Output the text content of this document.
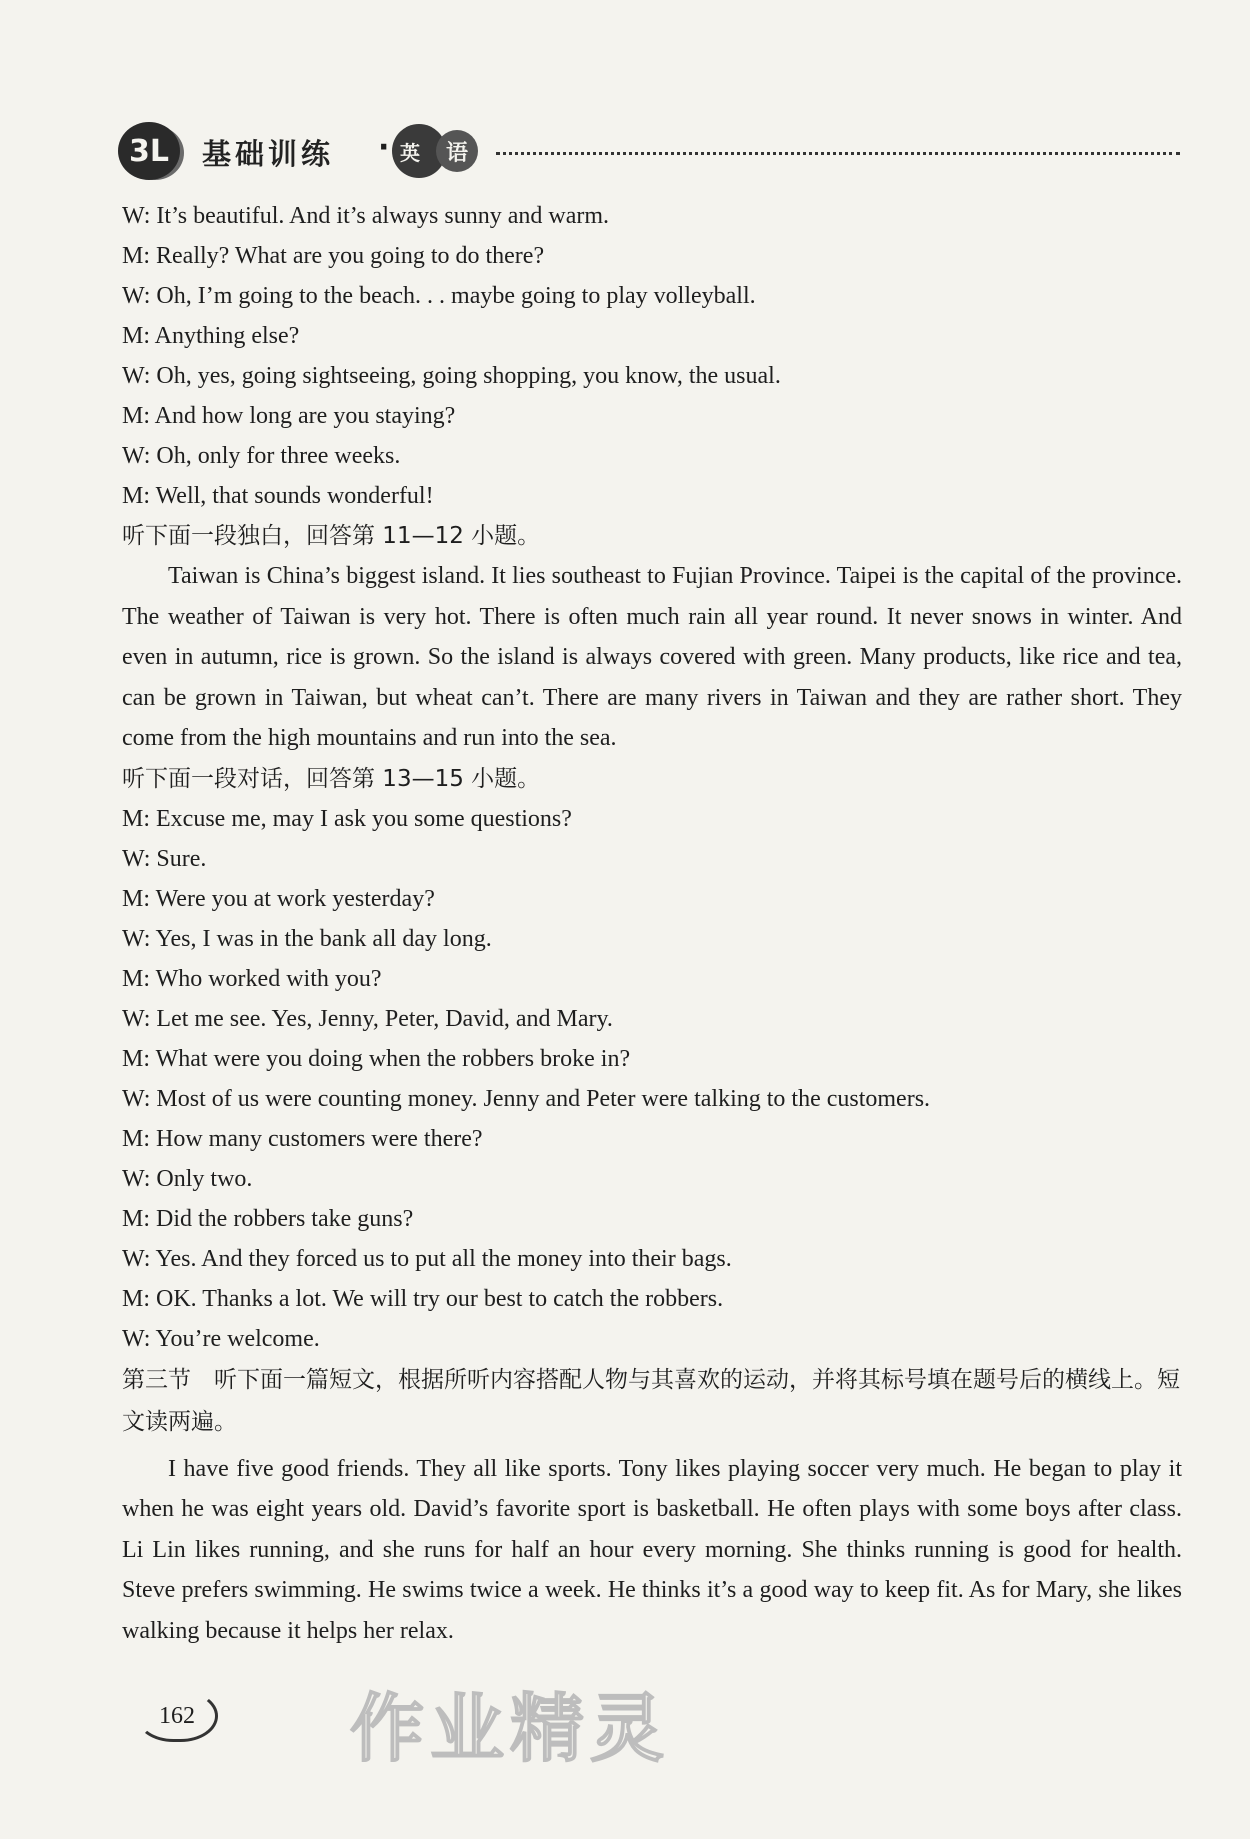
3L	基础训练 · 英	语
W: It’s beautiful. And it’s always sunny and warm.
M: Really? What are you going to do there?
W: Oh, I’m going to the beach. . . maybe going to play volleyball.
M: Anything else?
W: Oh, yes, going sightseeing, going shopping, you know, the usual.
M: And how long are you staying?
W: Oh, only for three weeks.
M: Well, that sounds wonderful!
听下面一段独白，回答第 11—12 小题。

Taiwan is China’s biggest island. It lies southeast to Fujian Province. Taipei is the capital of the province. The weather of Taiwan is very hot. There is often much rain all year round. It never snows in winter. And even in autumn, rice is grown. So the island is always covered with green. Many products, like rice and tea, can be grown in Taiwan, but wheat can’t. There are many rivers in Taiwan and they are rather short. They come from the high mountains and run into the sea.

听下面一段对话，回答第 13—15 小题。
M: Excuse me, may I ask you some questions?
W: Sure.
M: Were you at work yesterday?
W: Yes, I was in the bank all day long.
M: Who worked with you?
W: Let me see. Yes, Jenny, Peter, David, and Mary.
M: What were you doing when the robbers broke in?
W: Most of us were counting money. Jenny and Peter were talking to the customers.
M: How many customers were there?
W: Only two.
M: Did the robbers take guns?
W: Yes. And they forced us to put all the money into their bags.
M: OK. Thanks a lot. We will try our best to catch the robbers.
W: You’re welcome.

第三节　听下面一篇短文，根据所听内容搭配人物与其喜欢的运动，并将其标号填在题号后的横线上。短文读两遍。

I have five good friends. They all like sports. Tony likes playing soccer very much. He began to play it when he was eight years old. David’s favorite sport is basketball. He often plays with some boys after class. Li Lin likes running, and she runs for half an hour every morning. She thinks running is good for health. Steve prefers swimming. He swims twice a week. He thinks it’s a good way to keep fit. As for Mary, she likes walking because it helps her relax.

162	作业精灵
